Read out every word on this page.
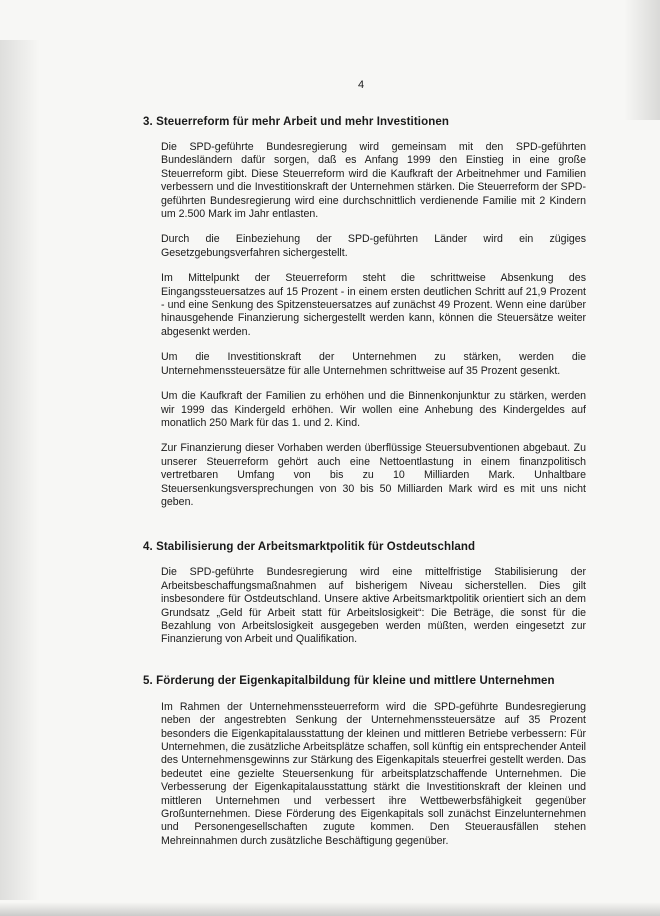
4
3. Steuerreform für mehr Arbeit und mehr Investitionen

Die SPD-geführte Bundesregierung wird gemeinsam mit den SPD-geführten Bundesländern dafür sorgen, daß es Anfang 1999 den Einstieg in eine große Steuerreform gibt. Diese Steuerreform wird die Kaufkraft der Arbeitnehmer und Familien verbessern und die Investitionskraft der Unternehmen stärken. Die Steuerreform der SPD-geführten Bundesregierung wird eine durchschnittlich verdienende Familie mit 2 Kindern um 2.500 Mark im Jahr entlasten.

Durch die Einbeziehung der SPD-geführten Länder wird ein zügiges Gesetzgebungsverfahren sichergestellt.

Im Mittelpunkt der Steuerreform steht die schrittweise Absenkung des Eingangssteuersatzes auf 15 Prozent - in einem ersten deutlichen Schritt auf 21,9 Prozent - und eine Senkung des Spitzensteuersatzes auf zunächst 49 Prozent. Wenn eine darüber hinausgehende Finanzierung sichergestellt werden kann, können die Steuersätze weiter abgesenkt werden.

Um die Investitionskraft der Unternehmen zu stärken, werden die Unternehmenssteuersätze für alle Unternehmen schrittweise auf 35 Prozent gesenkt.

Um die Kaufkraft der Familien zu erhöhen und die Binnenkonjunktur zu stärken, werden wir 1999 das Kindergeld erhöhen. Wir wollen eine Anhebung des Kindergeldes auf monatlich 250 Mark für das 1. und 2. Kind.

Zur Finanzierung dieser Vorhaben werden überflüssige Steuersubventionen abgebaut. Zu unserer Steuerreform gehört auch eine Nettoentlastung in einem finanzpolitisch vertretbaren Umfang von bis zu 10 Milliarden Mark. Unhaltbare Steuersenkungsversprechungen von 30 bis 50 Milliarden Mark wird es mit uns nicht geben.

4. Stabilisierung der Arbeitsmarktpolitik für Ostdeutschland

Die SPD-geführte Bundesregierung wird eine mittelfristige Stabilisierung der Arbeitsbeschaffungsmaßnahmen auf bisherigem Niveau sicherstellen. Dies gilt insbesondere für Ostdeutschland. Unsere aktive Arbeitsmarktpolitik orientiert sich an dem Grundsatz „Geld für Arbeit statt für Arbeitslosigkeit“: Die Beträge, die sonst für die Bezahlung von Arbeitslosigkeit ausgegeben werden müßten, werden eingesetzt zur Finanzierung von Arbeit und Qualifikation.

5. Förderung der Eigenkapitalbildung für kleine und mittlere Unternehmen

Im Rahmen der Unternehmenssteuerreform wird die SPD-geführte Bundesregierung neben der angestrebten Senkung der Unternehmenssteuersätze auf 35 Prozent besonders die Eigenkapitalausstattung der kleinen und mittleren Betriebe verbessern: Für Unternehmen, die zusätzliche Arbeitsplätze schaffen, soll künftig ein entsprechender Anteil des Unternehmensgewinns zur Stärkung des Eigenkapitals steuerfrei gestellt werden. Das bedeutet eine gezielte Steuersenkung für arbeitsplatzschaffende Unternehmen. Die Verbesserung der Eigenkapitalausstattung stärkt die Investitionskraft der kleinen und mittleren Unternehmen und verbessert ihre Wettbewerbsfähigkeit gegenüber Großunternehmen. Diese Förderung des Eigenkapitals soll zunächst Einzelunternehmen und Personengesellschaften zugute kommen. Den Steuerausfällen stehen Mehreinnahmen durch zusätzliche Beschäftigung gegenüber.
